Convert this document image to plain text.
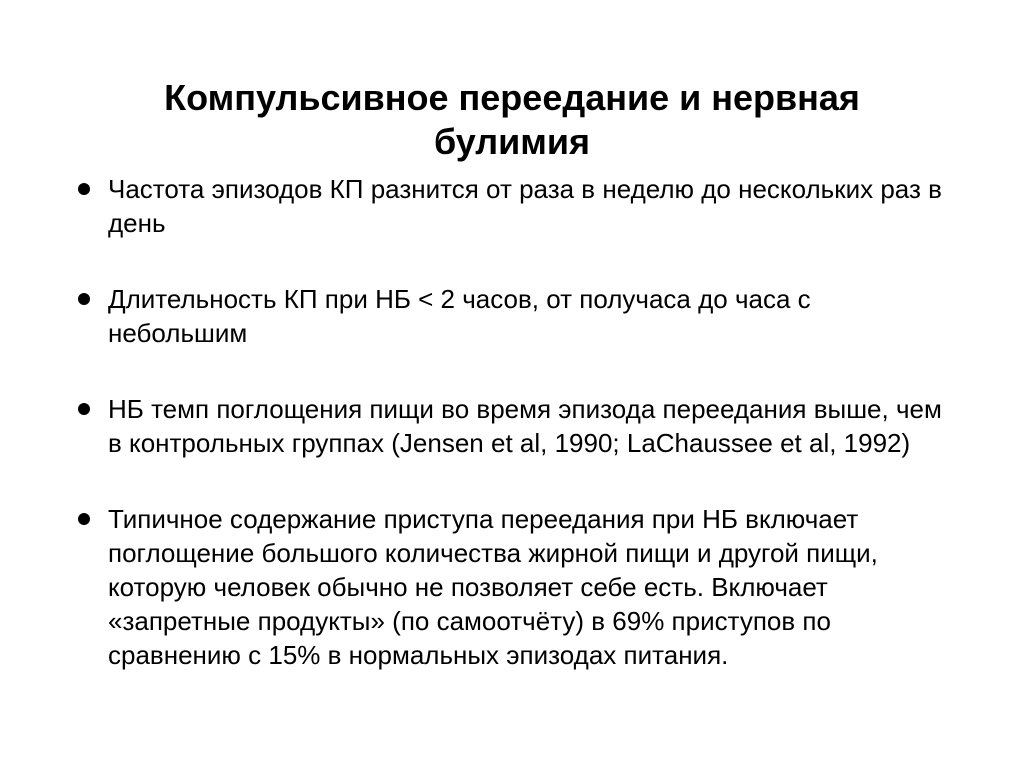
Компульсивное переедание и нервная булимия
Частота эпизодов КП разнится от раза в неделю до нескольких раз в день
Длительность КП при НБ < 2 часов, от получаса до часа с небольшим
НБ темп поглощения пищи во время эпизода переедания выше, чем в контрольных группах (Jensen et al, 1990; LaChaussee et al, 1992)
Типичное содержание приступа переедания при НБ включает поглощение большого количества жирной пищи и другой пищи, которую человек обычно не позволяет себе есть. Включает «запретные продукты» (по самоотчёту) в 69% приступов по сравнению с 15% в нормальных эпизодах питания.
